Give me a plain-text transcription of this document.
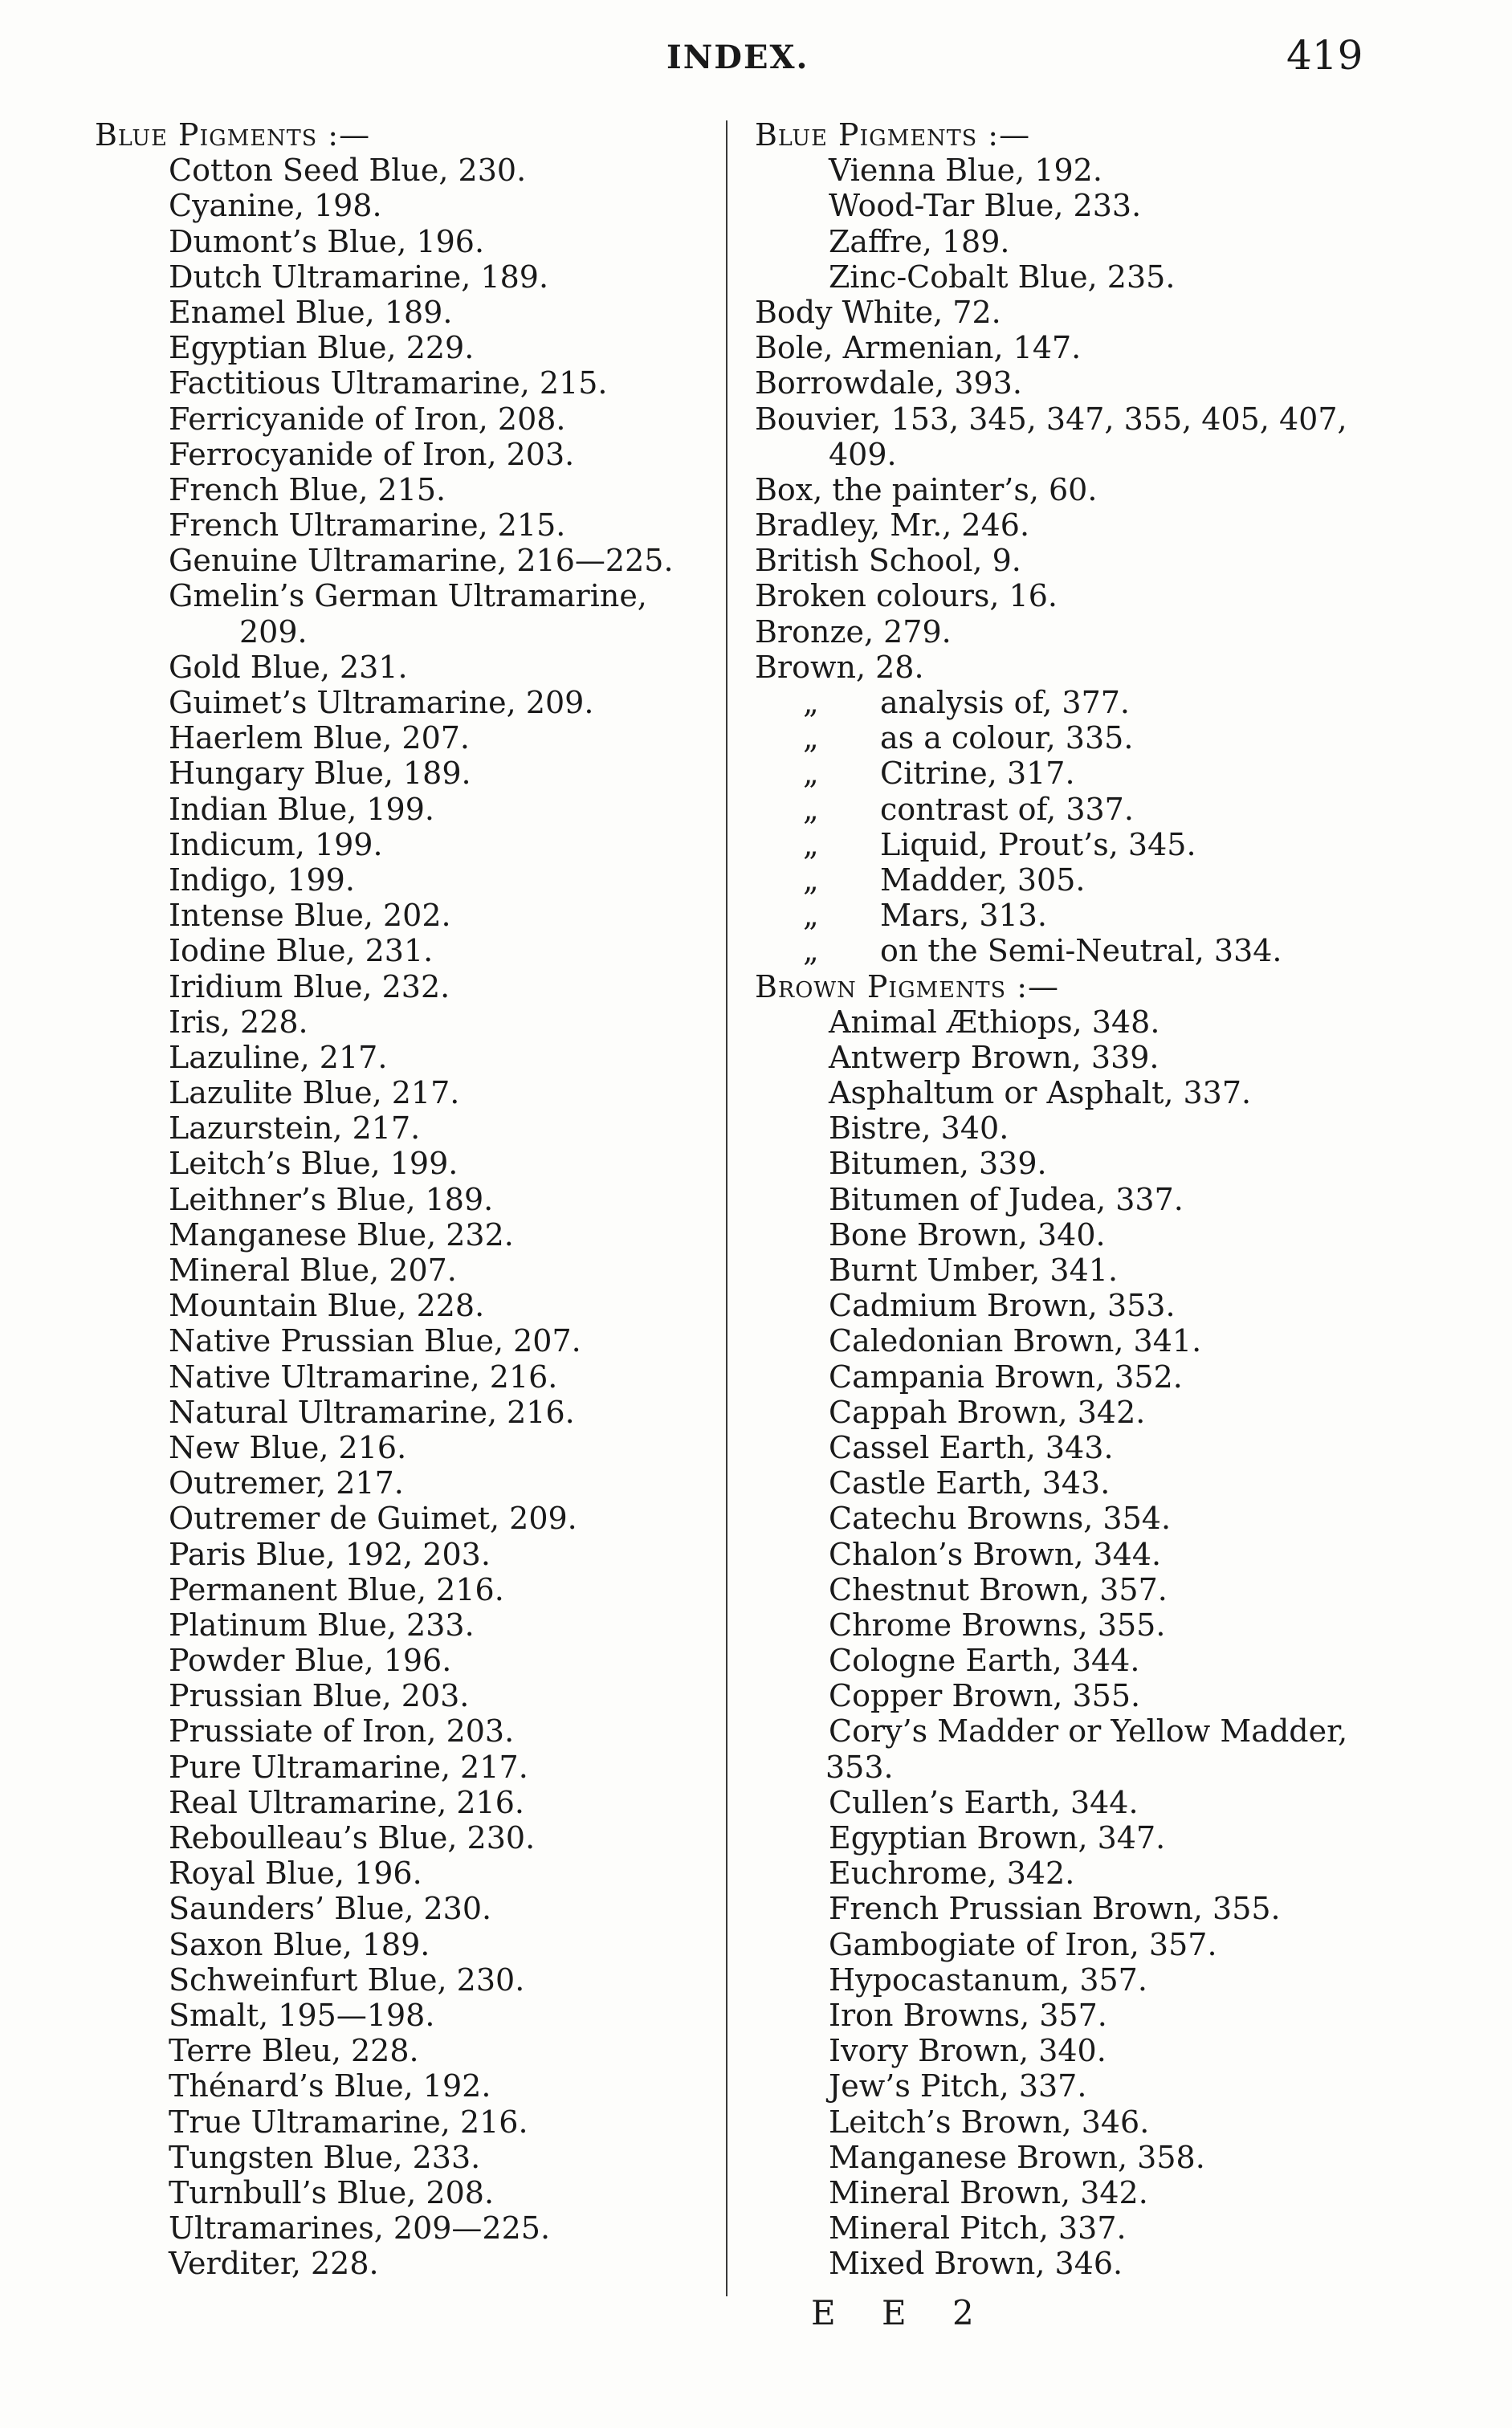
INDEX.	419
Blue Pigments :—
Cotton Seed Blue, 230.
Cyanine, 198.
Dumont’s Blue, 196.
Dutch Ultramarine, 189.
Enamel Blue, 189.
Egyptian Blue, 229.
Factitious Ultramarine, 215.
Ferricyanide of Iron, 208.
Ferrocyanide of Iron, 203.
French Blue, 215.
French Ultramarine, 215.
Genuine Ultramarine, 216—225.
Gmelin’s German Ultramarine,
209.
Gold Blue, 231.
Guimet’s Ultramarine, 209.
Haerlem Blue, 207.
Hungary Blue, 189.
Indian Blue, 199.
Indicum, 199.
Indigo, 199.
Intense Blue, 202.
Iodine Blue, 231.
Iridium Blue, 232.
Iris, 228.
Lazuline, 217.
Lazulite Blue, 217.
Lazurstein, 217.
Leitch’s Blue, 199.
Leithner’s Blue, 189.
Manganese Blue, 232.
Mineral Blue, 207.
Mountain Blue, 228.
Native Prussian Blue, 207.
Native Ultramarine, 216.
Natural Ultramarine, 216.
New Blue, 216.
Outremer, 217.
Outremer de Guimet, 209.
Paris Blue, 192, 203.
Permanent Blue, 216.
Platinum Blue, 233.
Powder Blue, 196.
Prussian Blue, 203.
Prussiate of Iron, 203.
Pure Ultramarine, 217.
Real Ultramarine, 216.
Reboulleau’s Blue, 230.
Royal Blue, 196.
Saunders’ Blue, 230.
Saxon Blue, 189.
Schweinfurt Blue, 230.
Smalt, 195—198.
Terre Bleu, 228.
Thénard’s Blue, 192.
True Ultramarine, 216.
Tungsten Blue, 233.
Turnbull’s Blue, 208.
Ultramarines, 209—225.
Verditer, 228.
Blue Pigments :—
Vienna Blue, 192.
Wood-Tar Blue, 233.
Zaffre, 189.
Zinc-Cobalt Blue, 235.
Body White, 72.
Bole, Armenian, 147.
Borrowdale, 393.
Bouvier, 153, 345, 347, 355, 405, 407,
409.
Box, the painter’s, 60.
Bradley, Mr., 246.
British School, 9.
Broken colours, 16.
Bronze, 279.
Brown, 28.
„ analysis of, 377.
„ as a colour, 335.
„ Citrine, 317.
„ contrast of, 337.
„ Liquid, Prout’s, 345.
„ Madder, 305.
„ Mars, 313.
„ on the Semi-Neutral, 334.
Brown Pigments :—
Animal Æthiops, 348.
Antwerp Brown, 339.
Asphaltum or Asphalt, 337.
Bistre, 340.
Bitumen, 339.
Bitumen of Judea, 337.
Bone Brown, 340.
Burnt Umber, 341.
Cadmium Brown, 353.
Caledonian Brown, 341.
Campania Brown, 352.
Cappah Brown, 342.
Cassel Earth, 343.
Castle Earth, 343.
Catechu Browns, 354.
Chalon’s Brown, 344.
Chestnut Brown, 357.
Chrome Browns, 355.
Cologne Earth, 344.
Copper Brown, 355.
Cory’s Madder or Yellow Madder,
353.
Cullen’s Earth, 344.
Egyptian Brown, 347.
Euchrome, 342.
French Prussian Brown, 355.
Gambogiate of Iron, 357.
Hypocastanum, 357.
Iron Browns, 357.
Ivory Brown, 340.
Jew’s Pitch, 337.
Leitch’s Brown, 346.
Manganese Brown, 358.
Mineral Brown, 342.
Mineral Pitch, 337.
Mixed Brown, 346.
E E 2
